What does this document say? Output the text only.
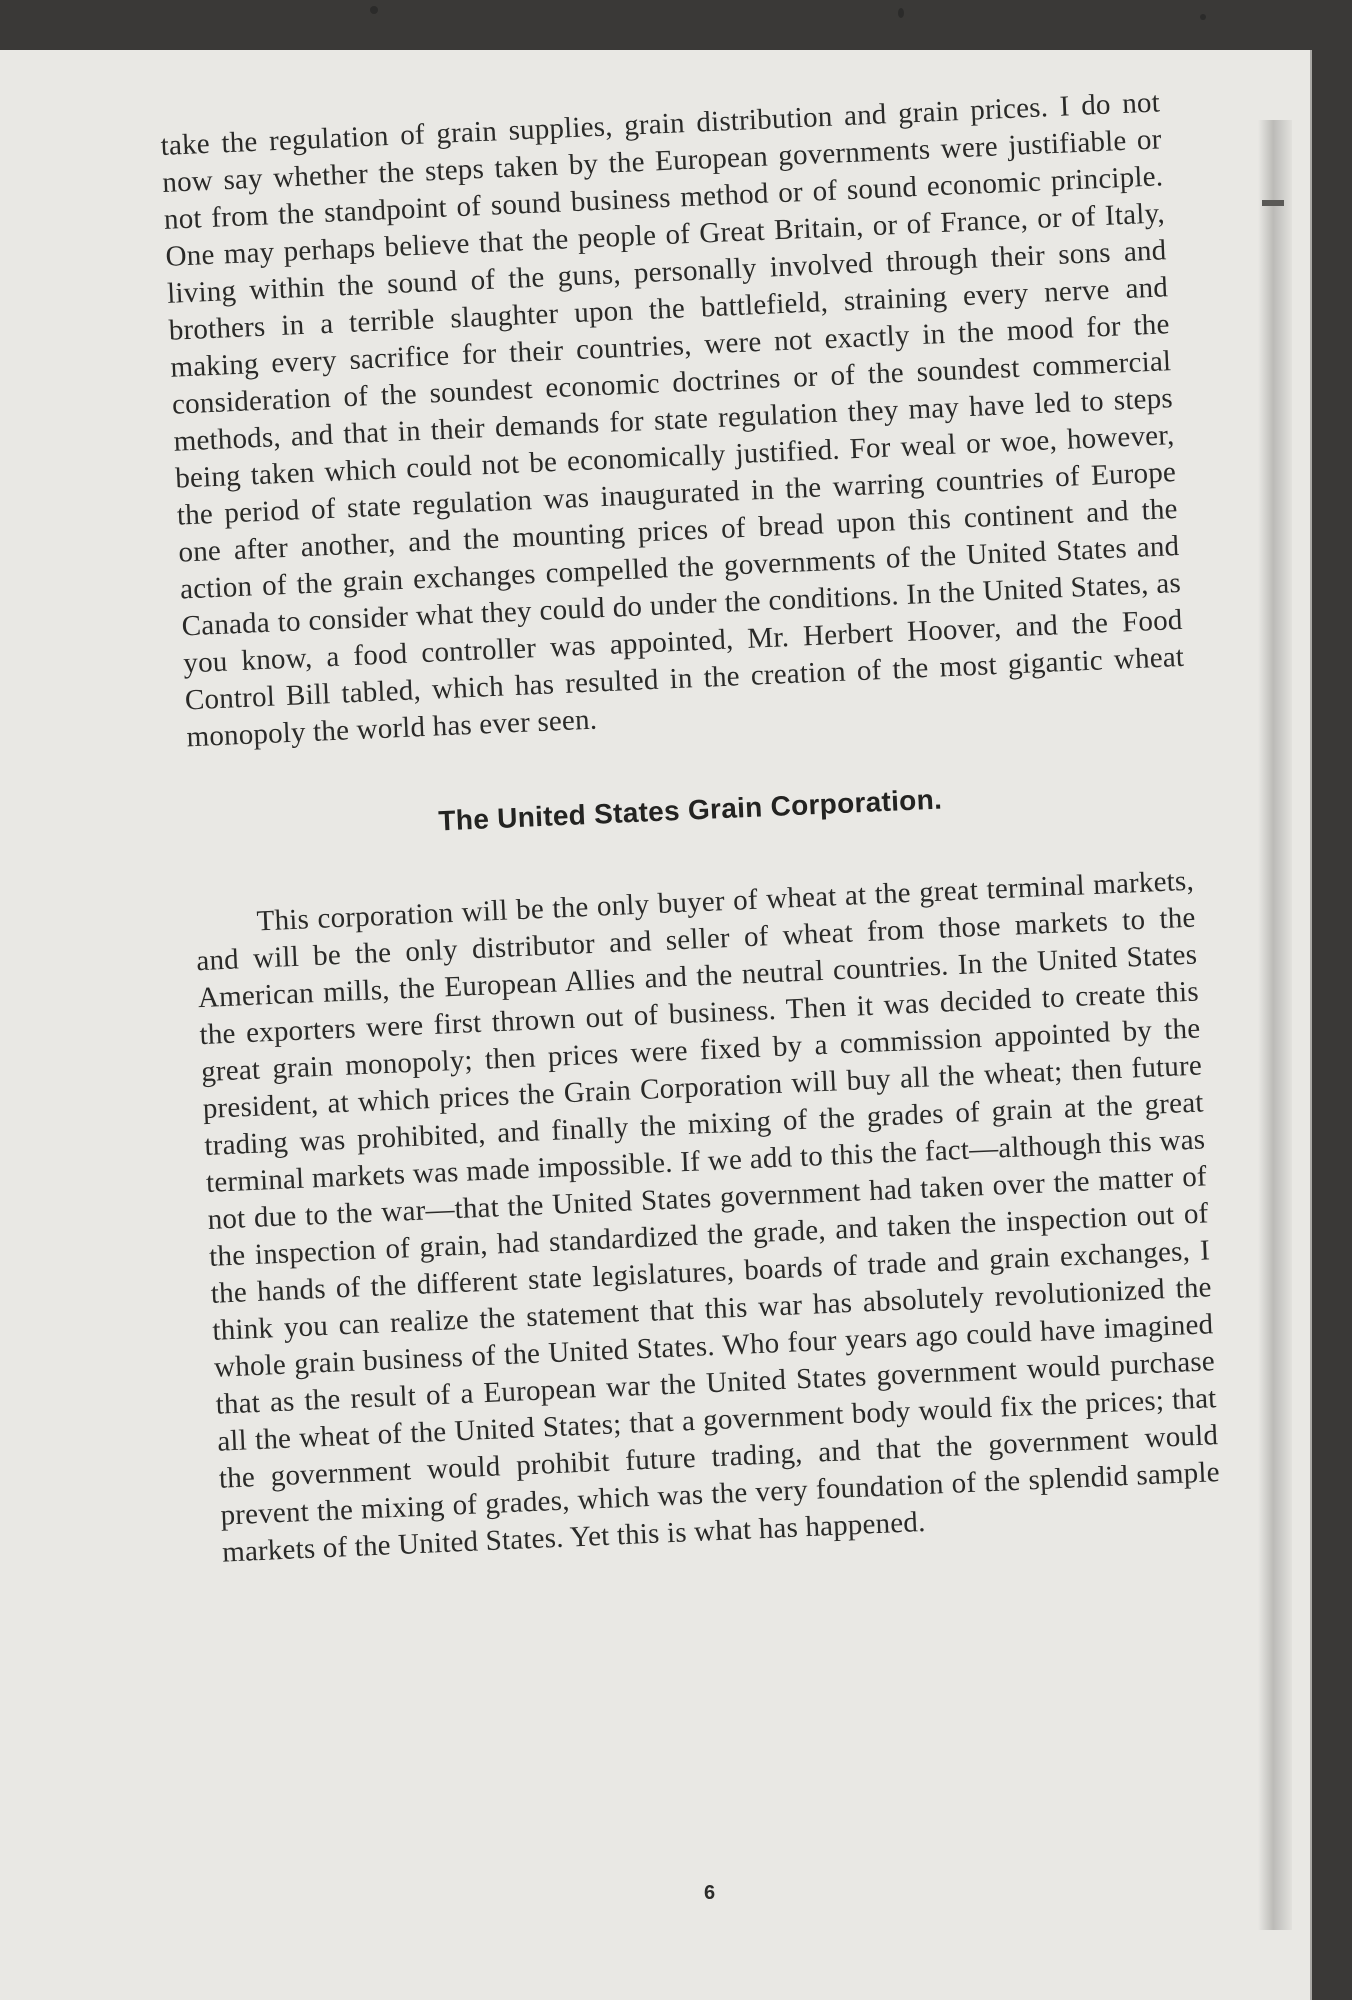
take the regulation of grain supplies, grain distribution and grain prices. I do not now say whether the steps taken by the European governments were justifiable or not from the standpoint of sound business method or of sound economic principle. One may perhaps believe that the people of Great Britain, or of France, or of Italy, living within the sound of the guns, personally involved through their sons and brothers in a terrible slaughter upon the battlefield, straining every nerve and making every sacrifice for their countries, were not exactly in the mood for the consideration of the soundest economic doctrines or of the soundest commercial methods, and that in their demands for state regulation they may have led to steps being taken which could not be economically justified. For weal or woe, however, the period of state regulation was inaugurated in the warring countries of Europe one after another, and the mounting prices of bread upon this continent and the action of the grain exchanges compelled the governments of the United States and Canada to consider what they could do under the conditions. In the United States, as you know, a food controller was appointed, Mr. Herbert Hoover, and the Food Control Bill tabled, which has resulted in the creation of the most gigantic wheat monopoly the world has ever seen.

The United States Grain Corporation.

This corporation will be the only buyer of wheat at the great terminal markets, and will be the only distributor and seller of wheat from those markets to the American mills, the European Allies and the neutral countries. In the United States the exporters were first thrown out of business. Then it was decided to create this great grain monopoly; then prices were fixed by a commission appointed by the president, at which prices the Grain Corporation will buy all the wheat; then future trading was prohibited, and finally the mixing of the grades of grain at the great terminal markets was made impossible. If we add to this the fact—although this was not due to the war—that the United States government had taken over the matter of the inspection of grain, had standardized the grade, and taken the inspection out of the hands of the different state legislatures, boards of trade and grain exchanges, I think you can realize the statement that this war has absolutely revolutionized the whole grain business of the United States. Who four years ago could have imagined that as the result of a European war the United States government would purchase all the wheat of the United States; that a government body would fix the prices; that the government would prohibit future trading, and that the government would prevent the mixing of grades, which was the very foundation of the splendid sample markets of the United States. Yet this is what has happened.

6
